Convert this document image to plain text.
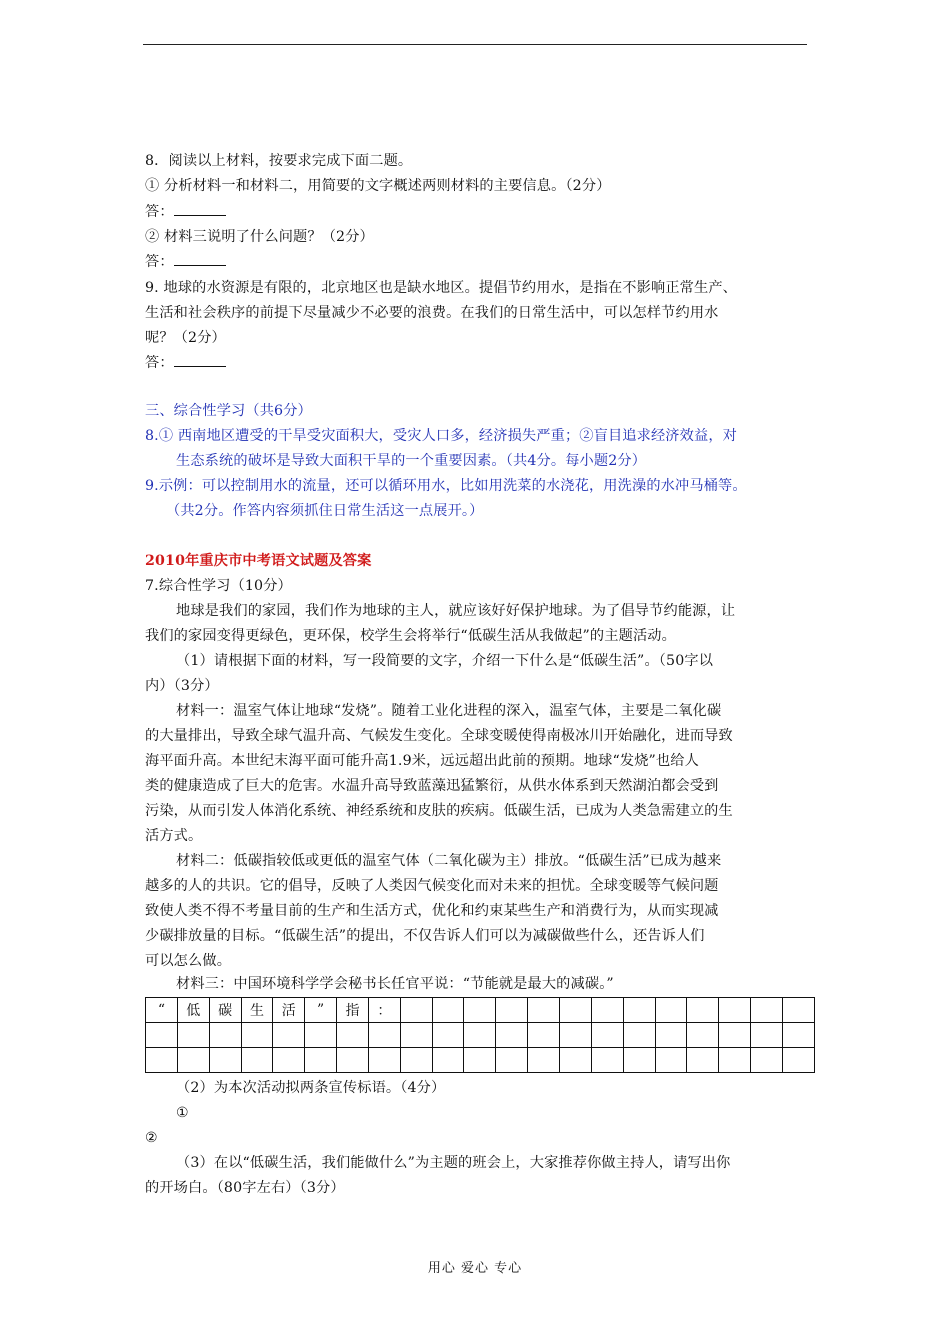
8．阅读以上材料，按要求完成下面二题。
① 分析材料一和材料二，用简要的文字概述两则材料的主要信息。（2分）
答：
② 材料三说明了什么问题？（2分）
答：
9. 地球的水资源是有限的，北京地区也是缺水地区。提倡节约用水，是指在不影响正常生产、
生活和社会秩序的前提下尽量减少不必要的浪费。在我们的日常生活中，可以怎样节约用水
呢？（2分）
答：
三、综合性学习（共6分）
8.① 西南地区遭受的干旱受灾面积大，受灾人口多，经济损失严重；②盲目追求经济效益，对
生态系统的破坏是导致大面积干旱的一个重要因素。（共4分。每小题2分）
9.示例：可以控制用水的流量，还可以循环用水，比如用洗菜的水浇花，用洗澡的水冲马桶等。
（共2分。作答内容须抓住日常生活这一点展开。）
2010年重庆市中考语文试题及答案
7.综合性学习（10分）
地球是我们的家园，我们作为地球的主人，就应该好好保护地球。为了倡导节约能源，让
我们的家园变得更绿色，更环保，校学生会将举行“低碳生活从我做起”的主题活动。
（1）请根据下面的材料，写一段简要的文字，介绍一下什么是“低碳生活”。（50字以
内）（3分）
材料一：温室气体让地球“发烧”。随着工业化进程的深入，温室气体，主要是二氧化碳
的大量排出，导致全球气温升高、气候发生变化。全球变暖使得南极冰川开始融化，进而导致
海平面升高。本世纪末海平面可能升高1.9米，远远超出此前的预期。地球“发烧”也给人
类的健康造成了巨大的危害。水温升高导致蓝藻迅猛繁衍，从供水体系到天然湖泊都会受到
污染，从而引发人体消化系统、神经系统和皮肤的疾病。低碳生活，已成为人类急需建立的生
活方式。
材料二：低碳指较低或更低的温室气体（二氧化碳为主）排放。“低碳生活”已成为越来
越多的人的共识。它的倡导，反映了人类因气候变化而对未来的担忧。全球变暖等气候问题
致使人类不得不考量目前的生产和生活方式，优化和约束某些生产和消费行为，从而实现减
少碳排放量的目标。“低碳生活”的提出，不仅告诉人们可以为减碳做些什么，还告诉人们
可以怎么做。
材料三：中国环境科学学会秘书长任官平说：“节能就是最大的减碳。”
“	低	碳	生	活	”	指	：													

（2）为本次活动拟两条宣传标语。（4分）
①
②
（3）在以“低碳生活，我们能做什么”为主题的班会上，大家推荐你做主持人，请写出你
的开场白。（80字左右）（3分）
用心 爱心 专心
